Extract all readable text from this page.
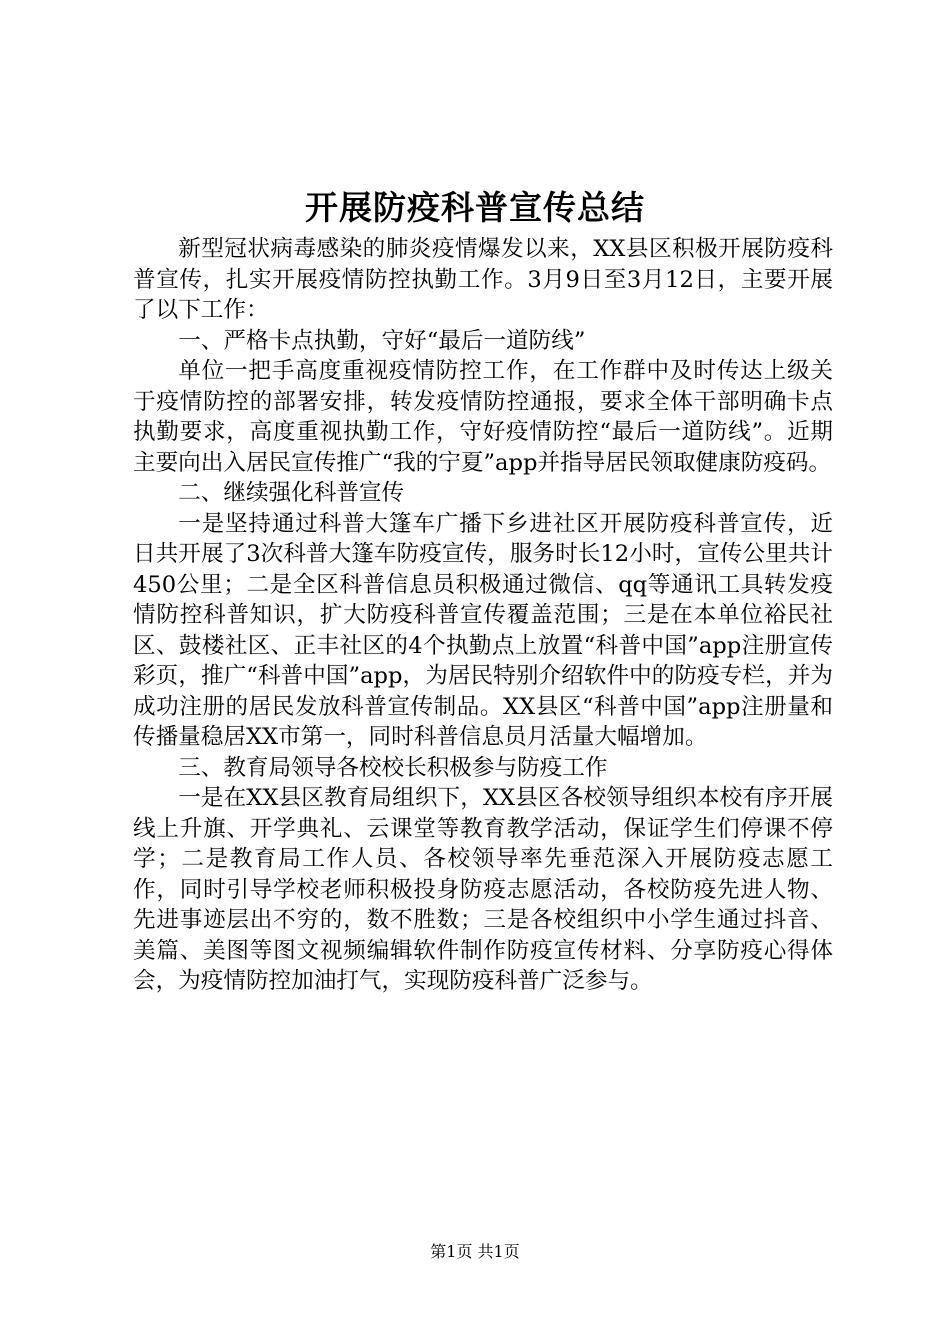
开展防疫科普宣传总结

新型冠状病毒感染的肺炎疫情爆发以来，XX县区积极开展防疫科普宣传，扎实开展疫情防控执勤工作。3月9日至3月12日，主要开展了以下工作：

一、严格卡点执勤，守好“最后一道防线”

单位一把手高度重视疫情防控工作，在工作群中及时传达上级关于疫情防控的部署安排，转发疫情防控通报，要求全体干部明确卡点执勤要求，高度重视执勤工作，守好疫情防控“最后一道防线”。近期主要向出入居民宣传推广“我的宁夏”app并指导居民领取健康防疫码。

二、继续强化科普宣传

一是坚持通过科普大篷车广播下乡进社区开展防疫科普宣传，近日共开展了3次科普大篷车防疫宣传，服务时长12小时，宣传公里共计450公里；二是全区科普信息员积极通过微信、qq等通讯工具转发疫情防控科普知识，扩大防疫科普宣传覆盖范围；三是在本单位裕民社区、鼓楼社区、正丰社区的4个执勤点上放置“科普中国”app注册宣传彩页，推广“科普中国”app，为居民特别介绍软件中的防疫专栏，并为成功注册的居民发放科普宣传制品。XX县区“科普中国”app注册量和传播量稳居XX市第一，同时科普信息员月活量大幅增加。

三、教育局领导各校校长积极参与防疫工作

一是在XX县区教育局组织下，XX县区各校领导组织本校有序开展线上升旗、开学典礼、云课堂等教育教学活动，保证学生们停课不停学；二是教育局工作人员、各校领导率先垂范深入开展防疫志愿工作，同时引导学校老师积极投身防疫志愿活动，各校防疫先进人物、先进事迹层出不穷的，数不胜数；三是各校组织中小学生通过抖音、美篇、美图等图文视频编辑软件制作防疫宣传材料、分享防疫心得体会，为疫情防控加油打气，实现防疫科普广泛参与。

第1页 共1页
